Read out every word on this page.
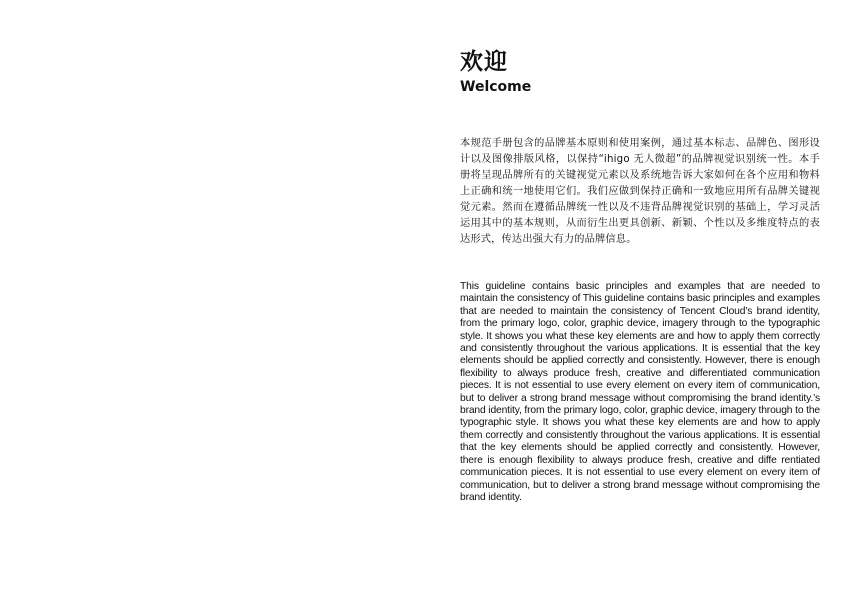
欢迎
Welcome

本规范手册包含的品牌基本原则和使用案例，通过基本标志、品牌色、图形设计以及图像排版风格，以保持“ihigo 无人微超”的品牌视觉识别统一性。本手册将呈现品牌所有的关键视觉元素以及系统地告诉大家如何在各个应用和物料上正确和统一地使用它们。我们应做到保持正确和一致地应用所有品牌关键视觉元素。然而在遵循品牌统一性以及不违背品牌视觉识别的基础上，学习灵活运用其中的基本规则，从而衍生出更具创新、新颖、个性以及多维度特点的表达形式，传达出强大有力的品牌信息。

This guideline contains basic principles and examples that are needed to maintain the consistency of This guideline contains basic principles and examples that are needed to maintain the consistency of Tencent Cloud’s brand identity, from the primary logo, color, graphic device, imagery through to the typographic style. It shows you what these key elements are and how to apply them correctly and consistently throughout the various applications. It is essential that the key elements should be applied correctly and consistently. However, there is enough flexibility to always produce fresh, creative and differentiated communication pieces. It is not essential to use every element on every item of communication, but to deliver a strong brand message without compromising the brand identity.’s brand identity, from the primary logo, color, graphic device, imagery through to the typographic style. It shows you what these key elements are and how to apply them correctly and consistently throughout the various applications. It is essential that the key elements should be applied correctly and consistently. However, there is enough flexibility to always produce fresh, creative and diffe rentiated communication pieces. It is not essential to use every element on every item of communication, but to deliver a strong brand message without compromising the brand identity.
